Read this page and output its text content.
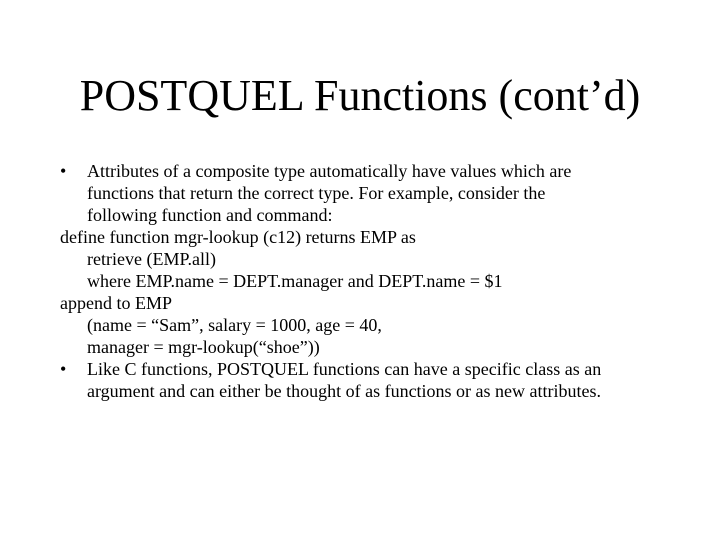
POSTQUEL Functions (cont’d)
• Attributes of a composite type automatically have values which are
functions that return the correct type. For example, consider the
following function and command:
define function mgr-lookup (c12) returns EMP as
retrieve (EMP.all)
where EMP.name = DEPT.manager and DEPT.name = $1
append to EMP
(name = “Sam”, salary = 1000, age = 40,
manager = mgr-lookup(“shoe”))
• Like C functions, POSTQUEL functions can have a specific class as an
argument and can either be thought of as functions or as new attributes.
